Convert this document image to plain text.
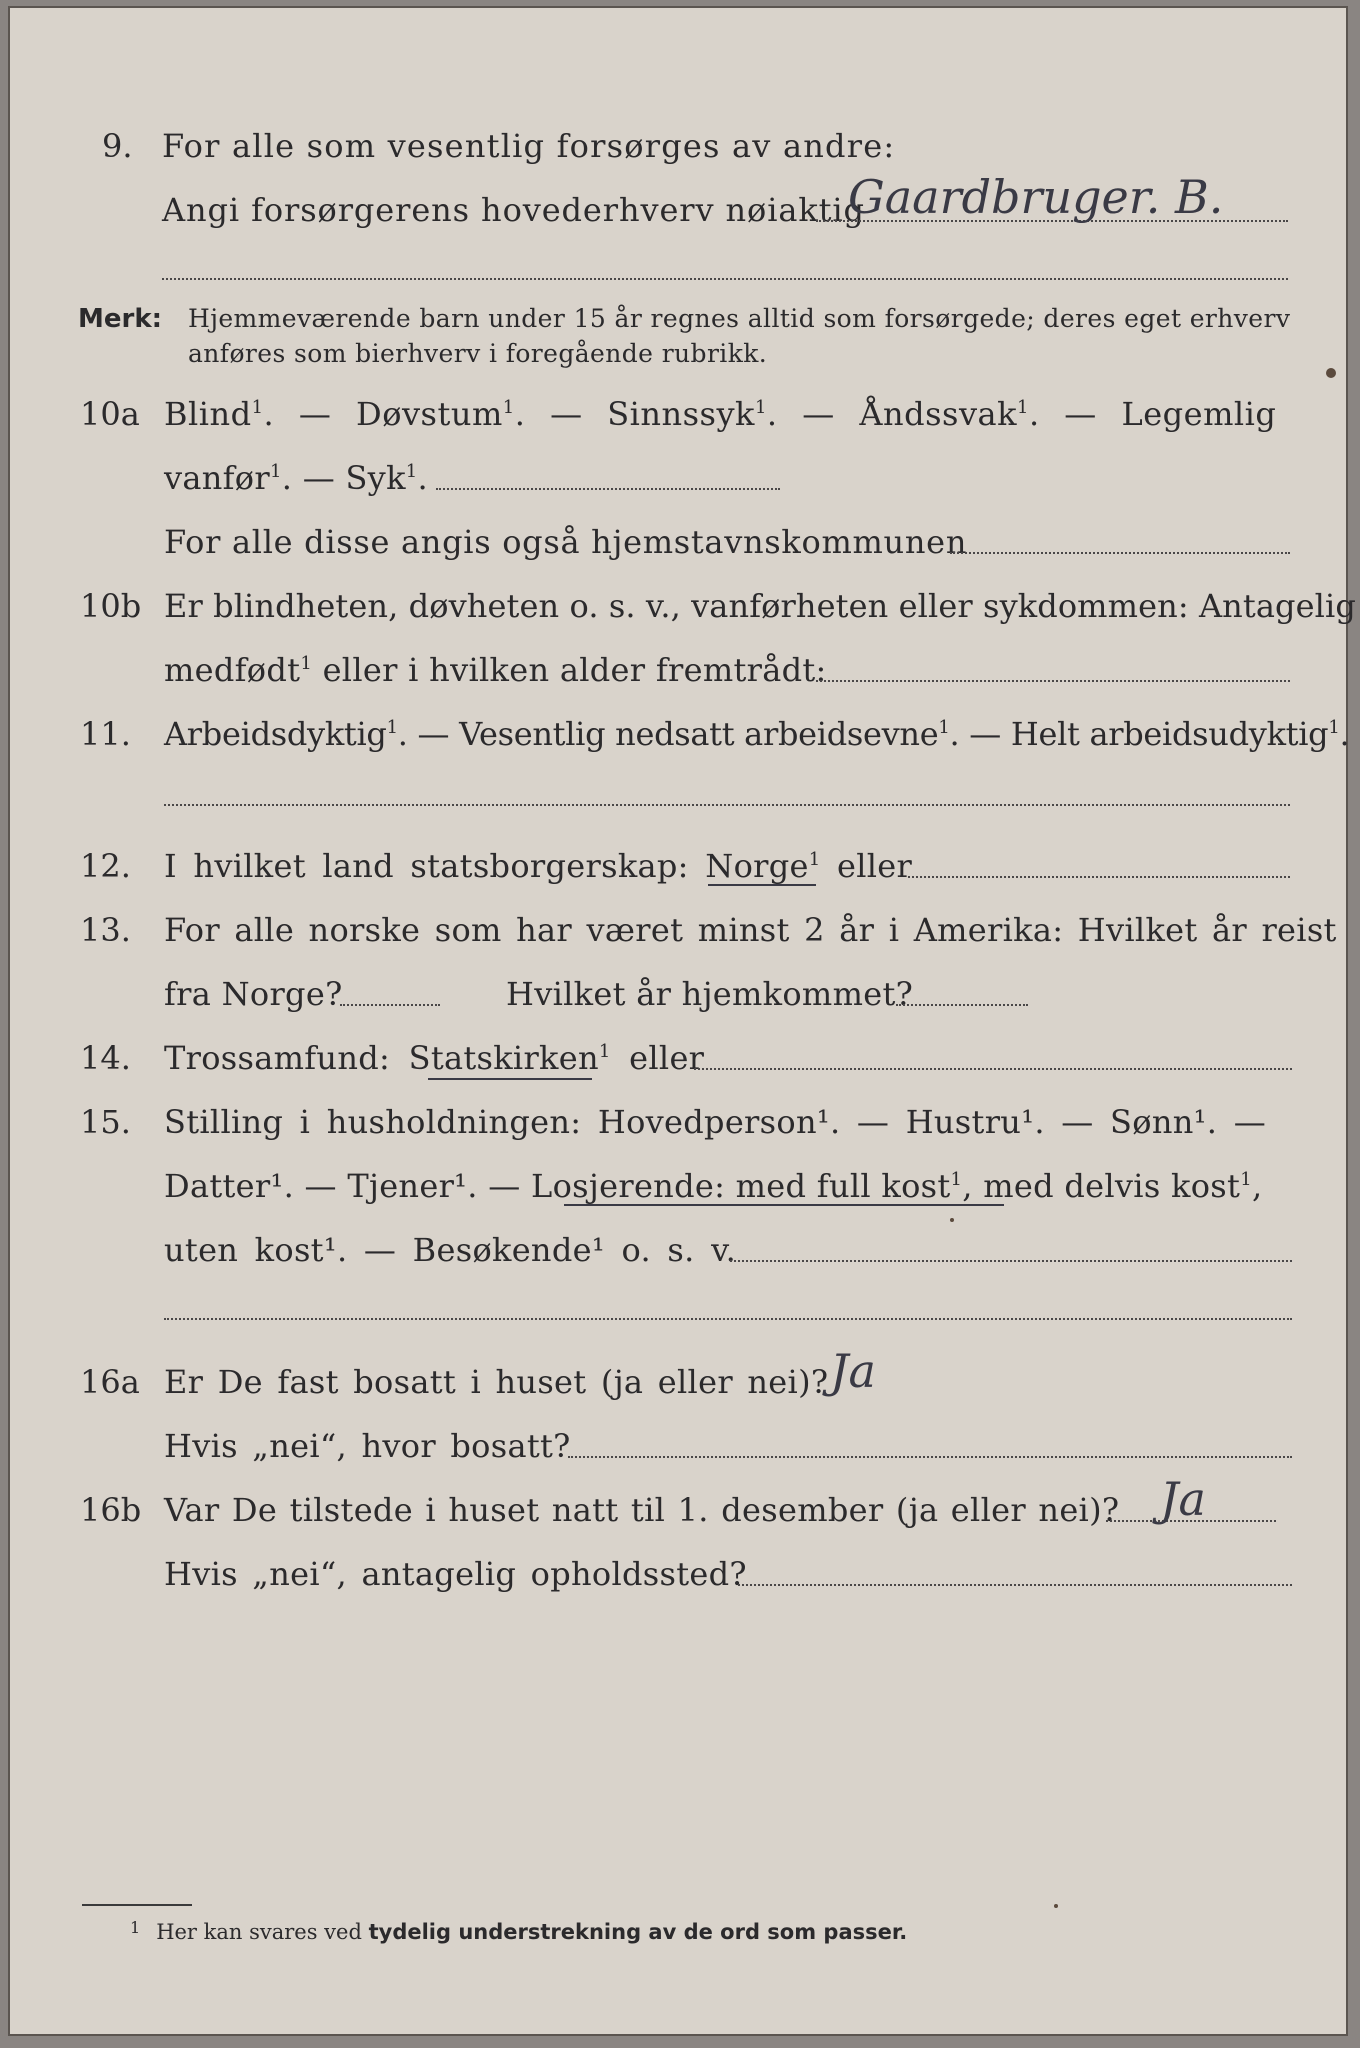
9. For alle som vesentlig forsørges av andre:
Angi forsørgerens hovederhverv nøiaktig
Gaardbruger. B.
Merk: Hjemmeværende barn under 15 år regnes alltid som forsørgede; deres eget erhverv
anføres som bierhverv i foregående rubrikk.
10a Blind$^1$. — Døvstum$^1$. — Sinnssyk$^1$. — Åndssvak$^1$. — Legemlig
vanfør$^1$. — Syk$^1$.
For alle disse angis også hjemstavnskommunen
10b Er blindheten, døvheten o. s. v., vanførheten eller sykdommen: Antagelig
medfødt$^1$ eller i hvilken alder fremtrådt:
11. Arbeidsdyktig$^1$. — Vesentlig nedsatt arbeidsevne$^1$. — Helt arbeidsudyktig$^1$.
12. I hvilket land statsborgerskap: Norge$^1$ eller
13. For alle norske som har været minst 2 år i Amerika: Hvilket år reist
fra Norge?	Hvilket år hjemkommet?
14. Trossamfund: Statskirken$^1$ eller
15. Stilling i husholdningen: Hovedperson¹. — Hustru¹. — Sønn¹. —
Datter¹. — Tjener¹. — Losjerende: med full kost$^1$, med delvis kost$^1$,
uten kost¹. — Besøkende¹ o. s. v.
16a Er De fast bosatt i huset (ja eller nei)? Ja
Hvis „nei“, hvor bosatt?
16b Var De tilstede i huset natt til 1. desember (ja eller nei)? Ja
Hvis „nei“, antagelig opholdssted?
$^1$ Her kan svares ved tydelig understrekning av de ord som passer.
